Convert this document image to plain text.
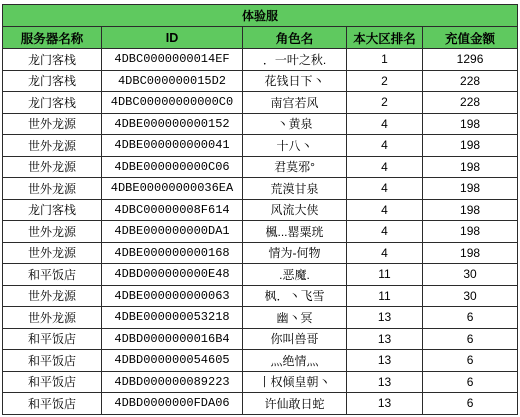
体验服				
服务器名称	ID	角色名	本大区排名	充值金额
龙门客栈	4DBC0000000014EF	．一叶之秋.	1	1296
龙门客栈	4DBC000000015D2	花钱日下丶	2	228
龙门客栈	4DBC00000000000C0	南宫若风	2	228
世外龙源	4DBE000000000152	丶黄泉	4	198
世外龙源	4DBE000000000041	十八丶	4	198
世外龙源	4DBE000000000C06	君莫邪°	4	198
世外龙源	4DBE00000000036EA	荒漠甘泉	4	198
龙门客栈	4DBC00000008F614	风流大侠	4	198
世外龙源	4DBE000000000DA1	楓...罂粟珖	4	198
世外龙源	4DBE000000000168	情为-何物	4	198
和平饭店	4DBD000000000E48	.恶魔.	11	30
世外龙源	4DBE000000000063	枫．丶飞雪	11	30
世外龙源	4DBE000000053218	幽丶冥	13	6
和平饭店	4DBD0000000016B4	你叫兽哥	13	6
和平饭店	4DBD000000054605	灬绝情灬	13	6
和平饭店	4DBD000000089223	丨权倾皇朝丶	13	6
和平饭店	4DBD0000000FDA06	许仙敢日蛇	13	6
